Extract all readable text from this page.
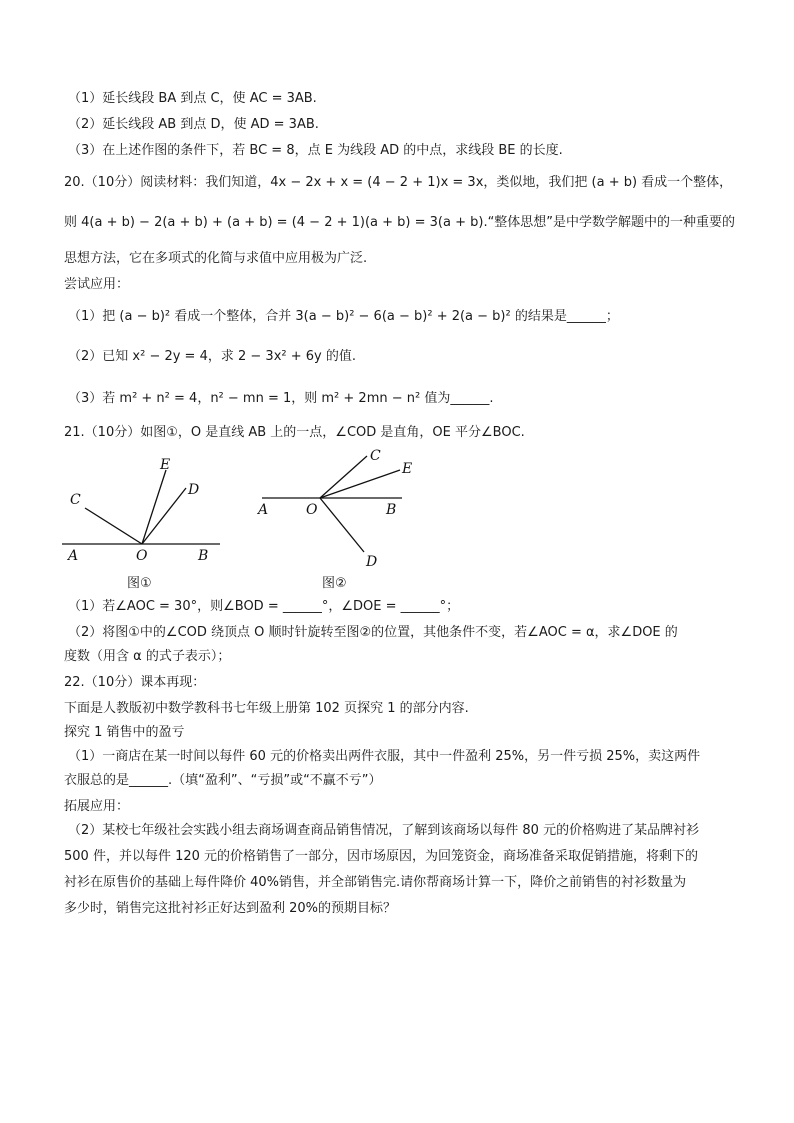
（1）延长线段 BA 到点 C，使 AC = 3AB.
（2）延长线段 AB 到点 D，使 AD = 3AB.
（3）在上述作图的条件下，若 BC = 8，点 E 为线段 AD 的中点，求线段 BE 的长度.
20.（10分）阅读材料：我们知道，4x − 2x + x = (4 − 2 + 1)x = 3x，类似地，我们把 (a + b) 看成一个整体，
则 4(a + b) − 2(a + b) + (a + b) = (4 − 2 + 1)(a + b) = 3(a + b).“整体思想”是中学数学解题中的一种重要的
思想方法，它在多项式的化简与求值中应用极为广泛.
尝试应用：
（1）把 (a − b)² 看成一个整体，合并 3(a − b)² − 6(a − b)² + 2(a − b)² 的结果是______；
（2）已知 x² − 2y = 4，求 2 − 3x² + 6y 的值.
（3）若 m² + n² = 4，n² − mn = 1，则 m² + 2mn − n² 值为______.
21.（10分）如图①，O 是直线 AB 上的一点，∠COD 是直角，OE 平分∠BOC.
C
E
D
A	O	B
图①
C
E
A	O	B
D
图②
（1）若∠AOC = 30°，则∠BOD = ______°，∠DOE = ______°；
（2）将图①中的∠COD 绕顶点 O 顺时针旋转至图②的位置，其他条件不变，若∠AOC = α，求∠DOE 的
度数（用含 α 的式子表示）；
22.（10分）课本再现：
下面是人教版初中数学教科书七年级上册第 102 页探究 1 的部分内容.
探究 1 销售中的盈亏
（1）一商店在某一时间以每件 60 元的价格卖出两件衣服，其中一件盈利 25%，另一件亏损 25%，卖这两件
衣服总的是______.（填“盈利”、“亏损”或“不赢不亏”）
拓展应用：
（2）某校七年级社会实践小组去商场调查商品销售情况，了解到该商场以每件 80 元的价格购进了某品牌衬衫
500 件，并以每件 120 元的价格销售了一部分，因市场原因，为回笼资金，商场准备采取促销措施，将剩下的
衬衫在原售价的基础上每件降价 40%销售，并全部销售完.请你帮商场计算一下，降价之前销售的衬衫数量为
多少时，销售完这批衬衫正好达到盈利 20%的预期目标？
